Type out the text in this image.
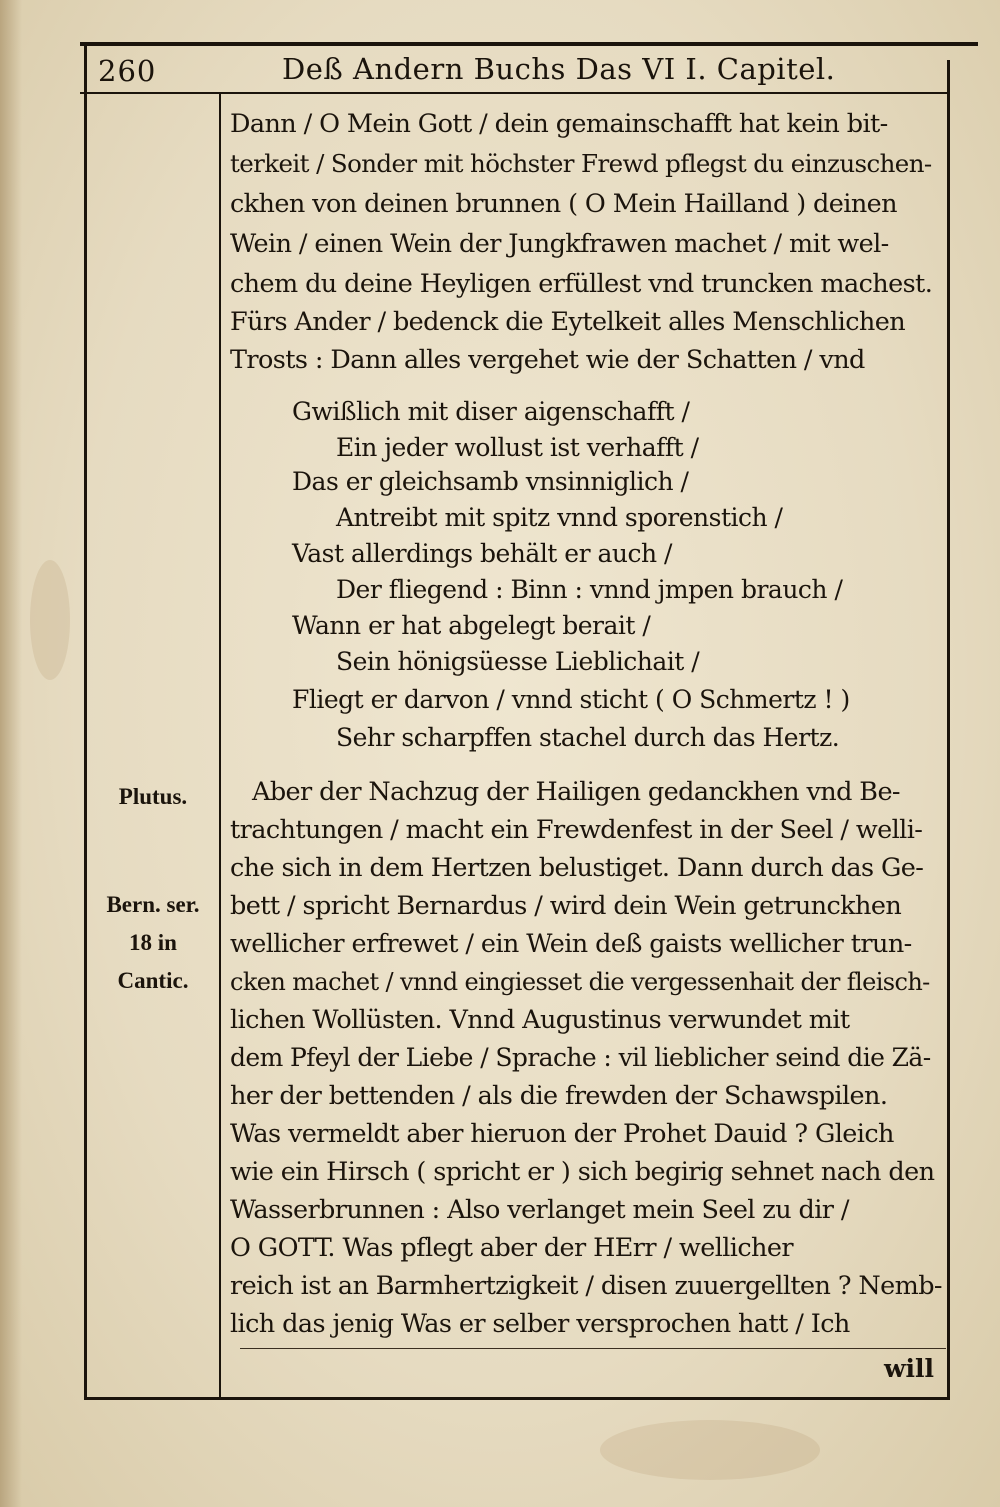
260	Deß Andern Buchs Das VI I. Capitel.
Plutus.
Bern. ser.
18 in
Cantic.
Dann / O Mein Gott / dein gemainschafft hat kein bit-
terkeit / Sonder mit höchster Frewd pflegst du einzuschen-
ckhen von deinen brunnen ( O Mein Hailland ) deinen
Wein / einen Wein der Jungkfrawen machet / mit wel-
chem du deine Heyligen erfüllest vnd truncken machest.
Fürs Ander / bedenck die Eytelkeit alles Menschlichen
Trosts : Dann alles vergehet wie der Schatten / vnd
Gwißlich mit diser aigenschafft /
Ein jeder wollust ist verhafft /
Das er gleichsamb vnsinniglich /
Antreibt mit spitz vnnd sporenstich /
Vast allerdings behält er auch /
Der fliegend : Binn : vnnd jmpen brauch /
Wann er hat abgelegt berait /
Sein hönigsüesse Lieblichait /
Fliegt er darvon / vnnd sticht ( O Schmertz ! )
Sehr scharpffen stachel durch das Hertz.
Aber der Nachzug der Hailigen gedanckhen vnd Be-
trachtungen / macht ein Frewdenfest in der Seel / welli-
che sich in dem Hertzen belustiget. Dann durch das Ge-
bett / spricht Bernardus / wird dein Wein getrunckhen
wellicher erfrewet / ein Wein deß gaists wellicher trun-
cken machet / vnnd eingiesset die vergessenhait der fleisch-
lichen Wollüsten. Vnnd Augustinus verwundet mit
dem Pfeyl der Liebe / Sprache : vil lieblicher seind die Zä-
her der bettenden / als die frewden der Schawspilen.
Was vermeldt aber hieruon der Prohet Dauid ? Gleich
wie ein Hirsch ( spricht er ) sich begirig sehnet nach den
Wasserbrunnen : Also verlanget mein Seel zu dir /
O GOTT. Was pflegt aber der HErr / wellicher
reich ist an Barmhertzigkeit / disen zuuergellten ? Nemb-
lich das jenig Was er selber versprochen hatt / Ich
will
